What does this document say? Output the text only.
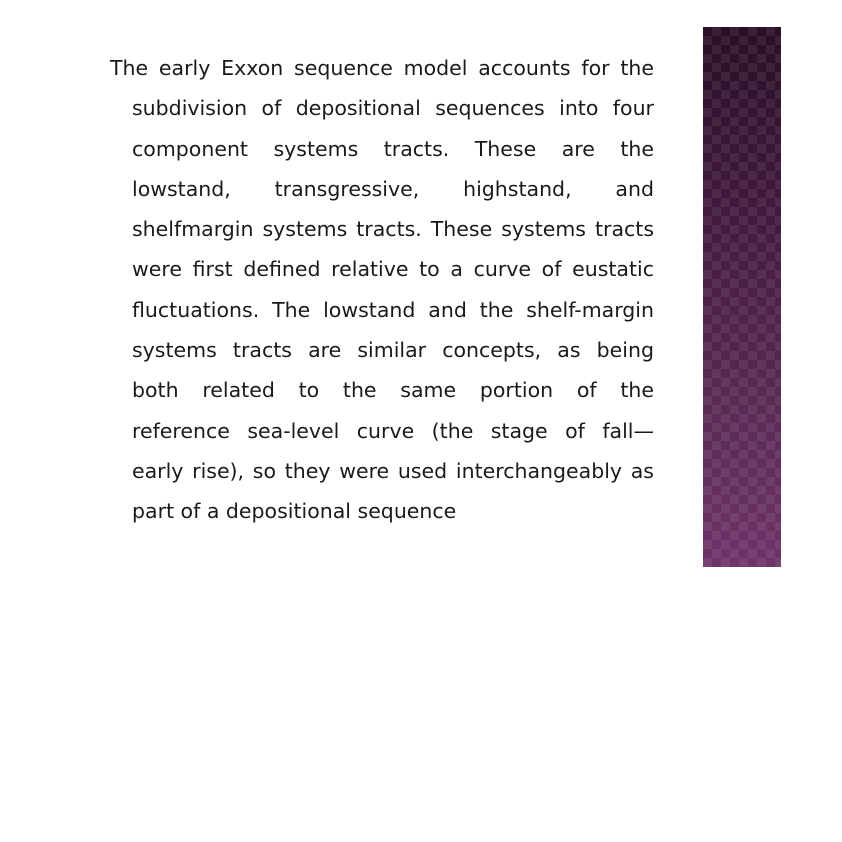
The early Exxon sequence model accounts for the
subdivision of depositional sequences into four
component systems tracts. These are the
lowstand, transgressive, highstand, and
shelfmargin systems tracts. These systems tracts
were first defined relative to a curve of eustatic
fluctuations. The lowstand and the shelf-margin
systems tracts are similar concepts, as being
both related to the same portion of the
reference sea-level curve (the stage of fall—
early rise), so they were used interchangeably as
part of a depositional sequence
